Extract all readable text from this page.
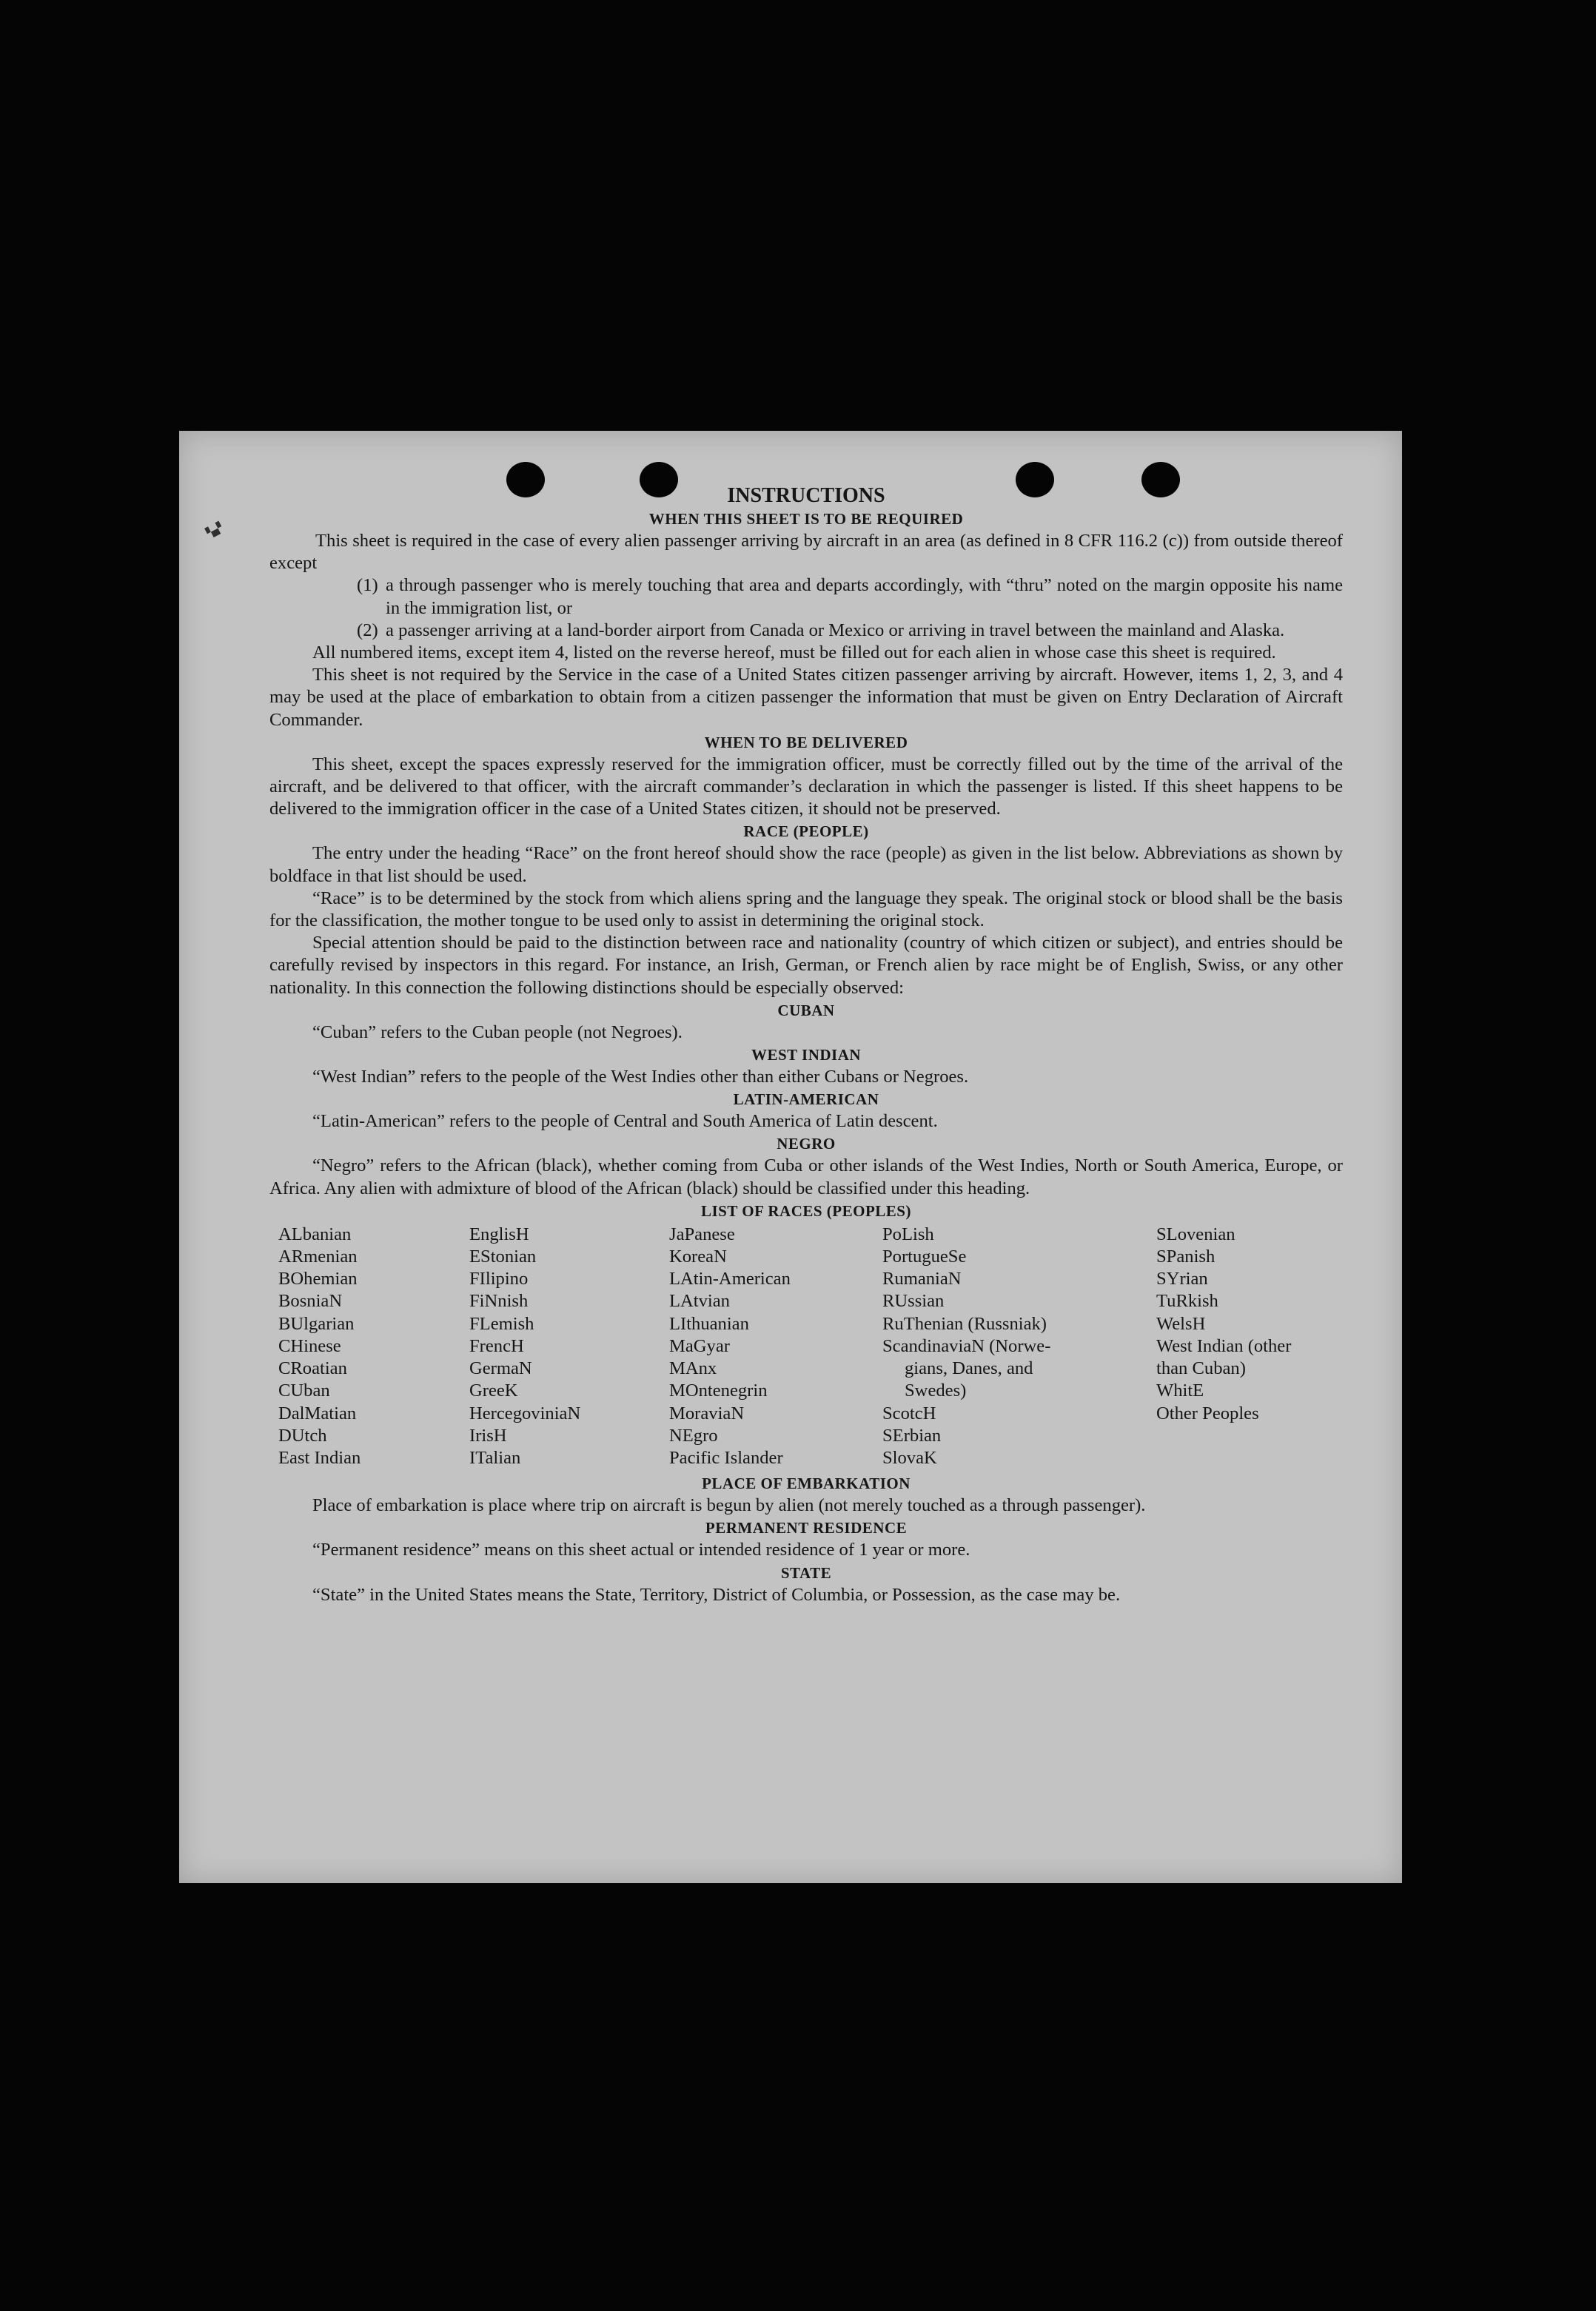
▚▞

INSTRUCTIONS

WHEN THIS SHEET IS TO BE REQUIRED

This sheet is required in the case of every alien passenger arriving by aircraft in an area (as defined in 8 CFR 116.2 (c)) from outside thereof except

(1) a through passenger who is merely touching that area and departs accordingly, with “thru” noted on the margin opposite his name in the immigration list, or

(2) a passenger arriving at a land-border airport from Canada or Mexico or arriving in travel between the mainland and Alaska.

All numbered items, except item 4, listed on the reverse hereof, must be filled out for each alien in whose case this sheet is required.

This sheet is not required by the Service in the case of a United States citizen passenger arriving by aircraft. However, items 1, 2, 3, and 4 may be used at the place of embarkation to obtain from a citizen passenger the information that must be given on Entry Declaration of Aircraft Commander.

WHEN TO BE DELIVERED

This sheet, except the spaces expressly reserved for the immigration officer, must be correctly filled out by the time of the arrival of the aircraft, and be delivered to that officer, with the aircraft commander’s declaration in which the passenger is listed. If this sheet happens to be delivered to the immigration officer in the case of a United States citizen, it should not be preserved.

RACE (PEOPLE)

The entry under the heading “Race” on the front hereof should show the race (people) as given in the list below. Abbreviations as shown by boldface in that list should be used.

“Race” is to be determined by the stock from which aliens spring and the language they speak. The original stock or blood shall be the basis for the classification, the mother tongue to be used only to assist in determining the original stock.

Special attention should be paid to the distinction between race and nationality (country of which citizen or subject), and entries should be carefully revised by inspectors in this regard. For instance, an Irish, German, or French alien by race might be of English, Swiss, or any other nationality. In this connection the following distinctions should be especially observed:

CUBAN

“Cuban” refers to the Cuban people (not Negroes).

WEST INDIAN

“West Indian” refers to the people of the West Indies other than either Cubans or Negroes.

LATIN-AMERICAN

“Latin-American” refers to the people of Central and South America of Latin descent.

NEGRO

“Negro” refers to the African (black), whether coming from Cuba or other islands of the West Indies, North or South America, Europe, or Africa. Any alien with admixture of blood of the African (black) should be classified under this heading.

LIST OF RACES (PEOPLES)

ALbanian
ARmenian
BOhemian
BosniaN
BUlgarian
CHinese
CRoatian
CUban
DalMatian
DUtch
East Indian
EnglisH
EStonian
FIlipino
FiNnish
FLemish
FrencH
GermaN
GreeK
HercegoviniaN
IrisH
ITalian
JaPanese
KoreaN
LAtin-American
LAtvian
LIthuanian
MaGyar
MAnx
MOntenegrin
MoraviaN
NEgro
Pacific Islander
PoLish
PortugueSe
RumaniaN
RUssian
RuThenian (Russniak)
ScandinaviaN (Norwe-
gians, Danes, and
Swedes)
ScotcH
SErbian
SlovaK
SLovenian
SPanish
SYrian
TuRkish
WelsH
West Indian (other
than Cuban)
WhitE
Other Peoples

PLACE OF EMBARKATION

Place of embarkation is place where trip on aircraft is begun by alien (not merely touched as a through passenger).

PERMANENT RESIDENCE

“Permanent residence” means on this sheet actual or intended residence of 1 year or more.

STATE

“State” in the United States means the State, Territory, District of Columbia, or Possession, as the case may be.
